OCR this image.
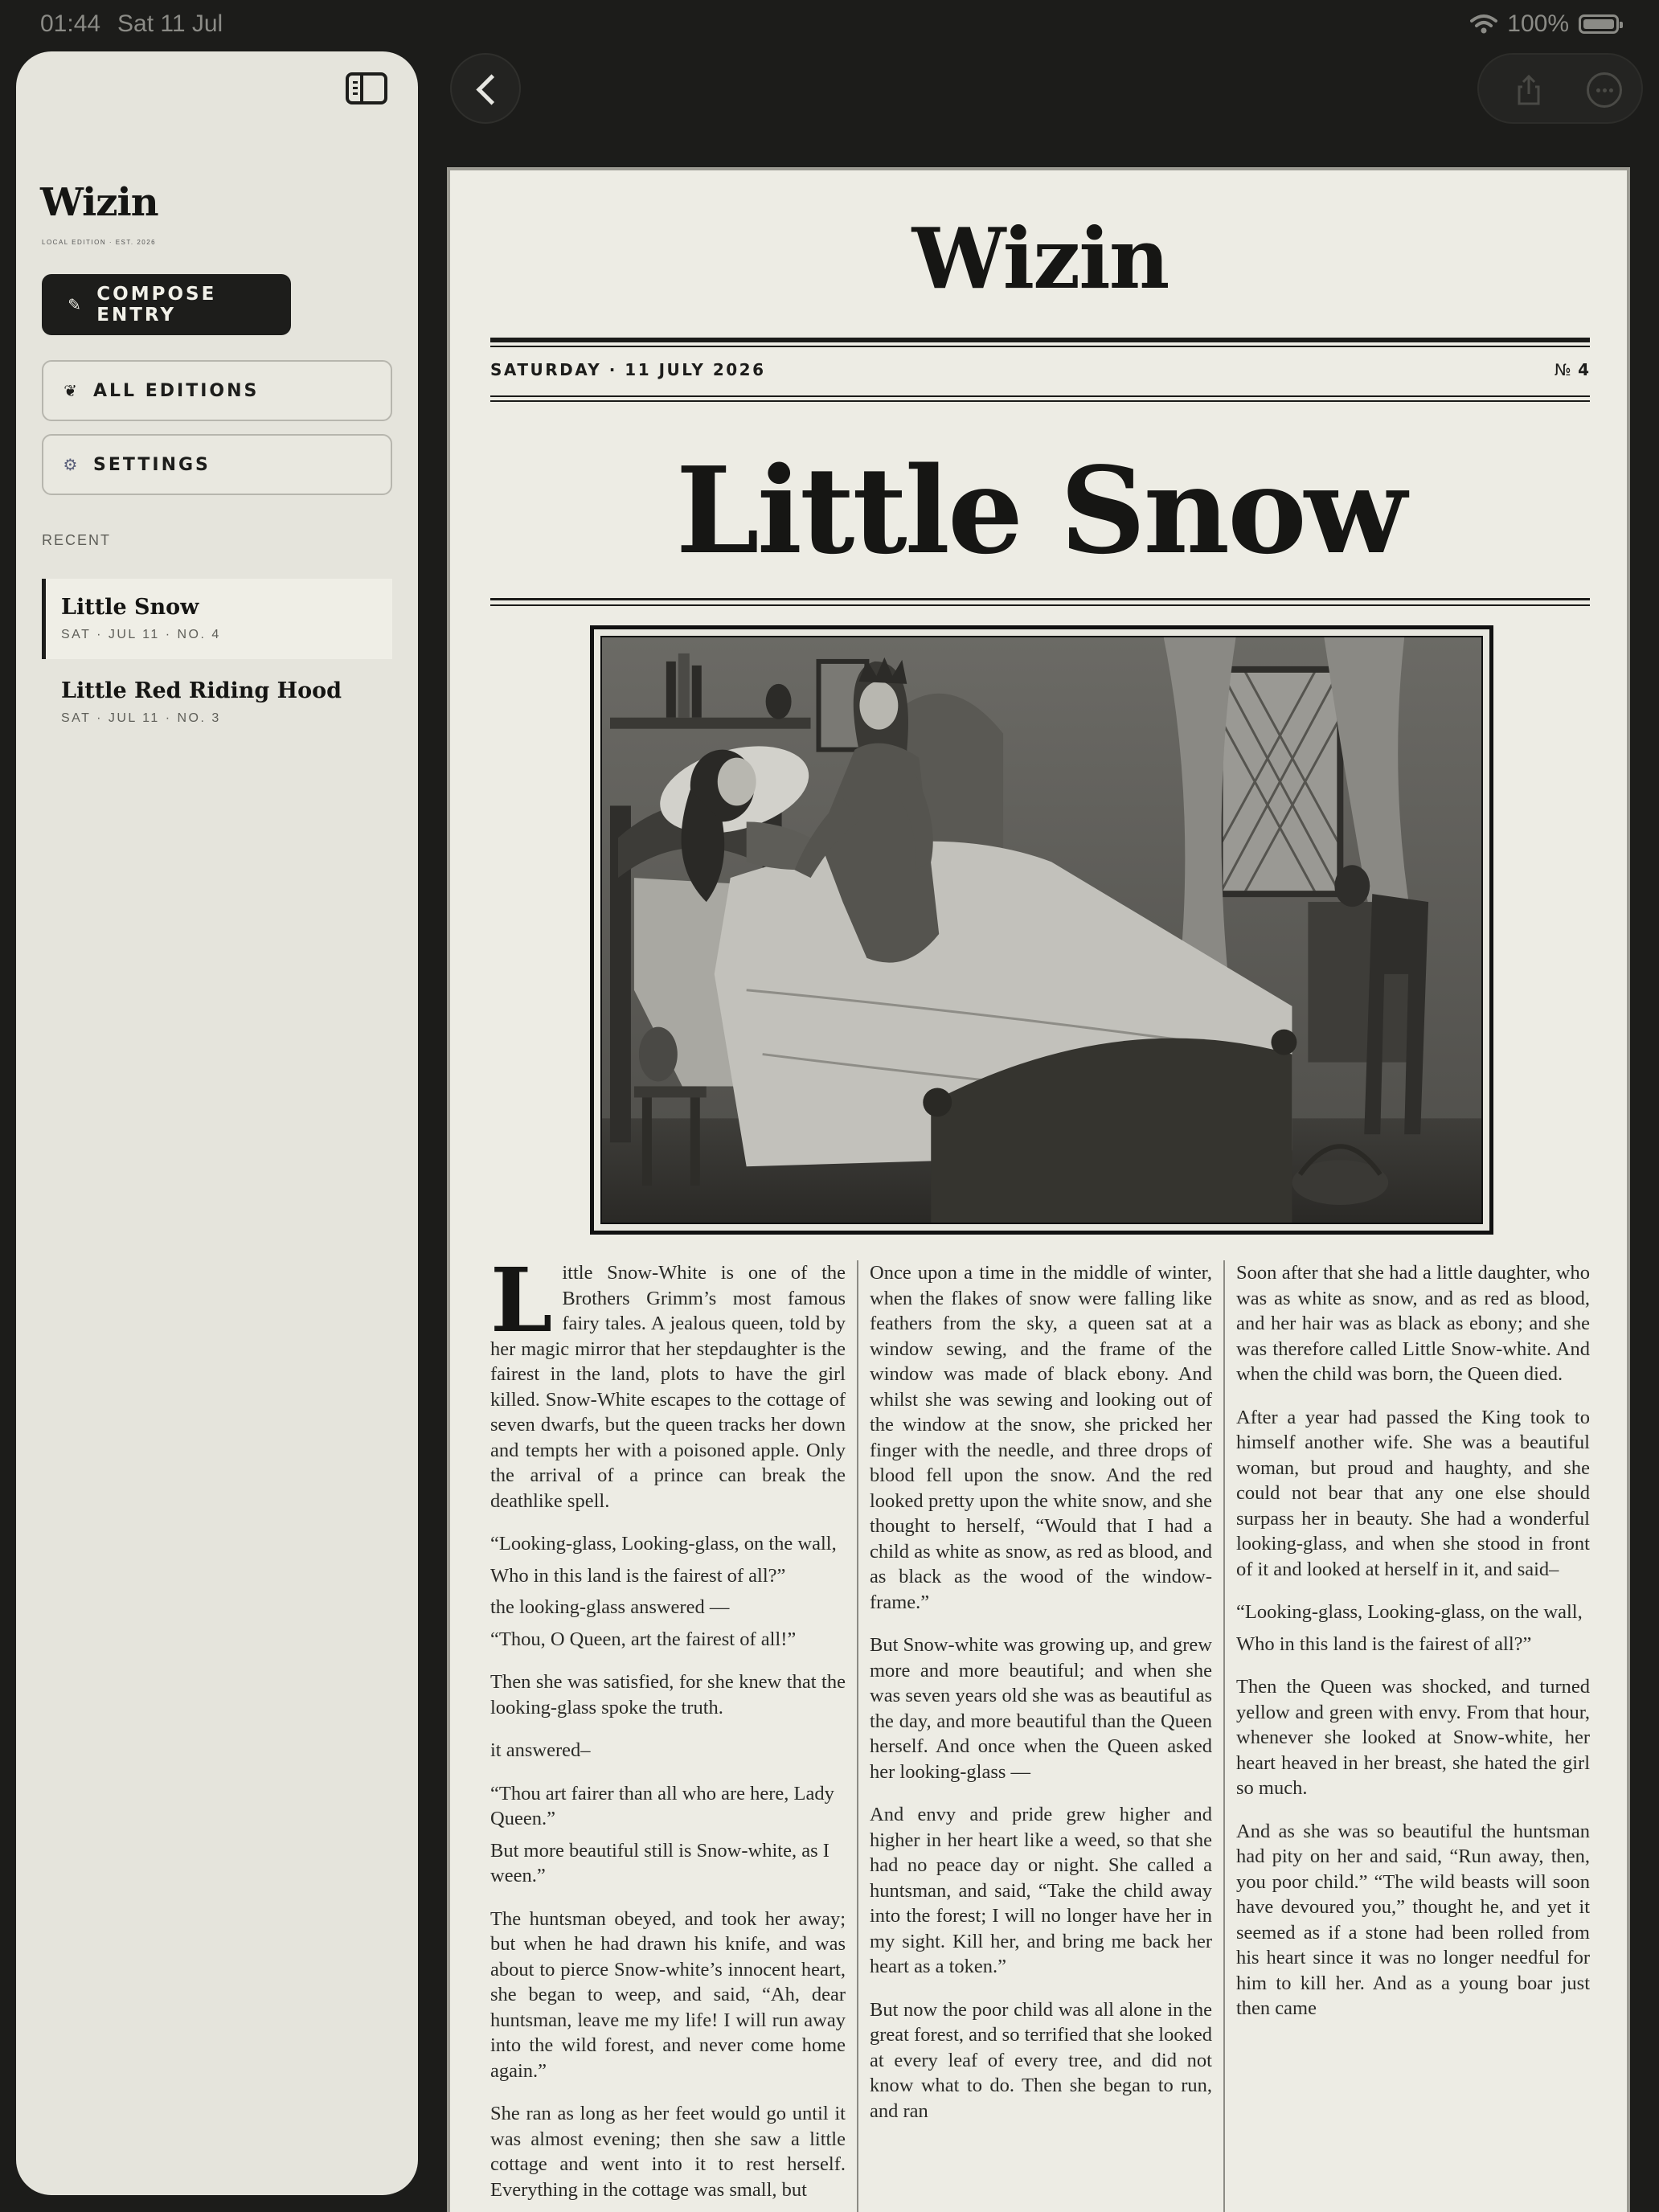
01:44 Sat 11 Jul	100%
Wizin
LOCAL EDITION · EST. 2026
✎ COMPOSE ENTRY
❦ ALL EDITIONS
⚙ SETTINGS
RECENT
Little Snow
SAT · JUL 11 · NO. 4
Little Red Riding Hood
SAT · JUL 11 · NO. 3
Wizin
SATURDAY · 11 JULY 2026	№ 4
Little Snow

Little Snow-White is one of the Brothers Grimm’s most famous fairy tales. A jealous queen, told by her magic mirror that her stepdaughter is the fairest in the land, plots to have the girl killed. Snow-White escapes to the cottage of seven dwarfs, but the queen tracks her down and tempts her with a poisoned apple. Only the arrival of a prince can break the deathlike spell.

“Looking-glass, Looking-glass, on the wall,

Who in this land is the fairest of all?”

the looking-glass answered —

“Thou, O Queen, art the fairest of all!”

Then she was satisfied, for she knew that the looking-glass spoke the truth.

it answered–

“Thou art fairer than all who are here, Lady Queen.”

But more beautiful still is Snow-white, as I ween.”

The huntsman obeyed, and took her away; but when he had drawn his knife, and was about to pierce Snow-white’s innocent heart, she began to weep, and said, “Ah, dear huntsman, leave me my life! I will run away into the wild forest, and never come home again.”

She ran as long as her feet would go until it was almost evening; then she saw a little cottage and went into it to rest herself. Everything in the cottage was small, but

Once upon a time in the middle of winter, when the flakes of snow were falling like feathers from the sky, a queen sat at a window sewing, and the frame of the window was made of black ebony. And whilst she was sewing and looking out of the window at the snow, she pricked her finger with the needle, and three drops of blood fell upon the snow. And the red looked pretty upon the white snow, and she thought to herself, “Would that I had a child as white as snow, as red as blood, and as black as the wood of the window-frame.”

But Snow-white was growing up, and grew more and more beautiful; and when she was seven years old she was as beautiful as the day, and more beautiful than the Queen herself. And once when the Queen asked her looking-glass —

And envy and pride grew higher and higher in her heart like a weed, so that she had no peace day or night. She called a huntsman, and said, “Take the child away into the forest; I will no longer have her in my sight. Kill her, and bring me back her heart as a token.”

But now the poor child was all alone in the great forest, and so terrified that she looked at every leaf of every tree, and did not know what to do. Then she began to run, and ran

Soon after that she had a little daughter, who was as white as snow, and as red as blood, and her hair was as black as ebony; and she was therefore called Little Snow-white. And when the child was born, the Queen died.

After a year had passed the King took to himself another wife. She was a beautiful woman, but proud and haughty, and she could not bear that any one else should surpass her in beauty. She had a wonderful looking-glass, and when she stood in front of it and looked at herself in it, and said–

“Looking-glass, Looking-glass, on the wall,

Who in this land is the fairest of all?”

Then the Queen was shocked, and turned yellow and green with envy. From that hour, whenever she looked at Snow-white, her heart heaved in her breast, she hated the girl so much.

And as she was so beautiful the huntsman had pity on her and said, “Run away, then, you poor child.” “The wild beasts will soon have devoured you,” thought he, and yet it seemed as if a stone had been rolled from his heart since it was no longer needful for him to kill her. And as a young boar just then came
